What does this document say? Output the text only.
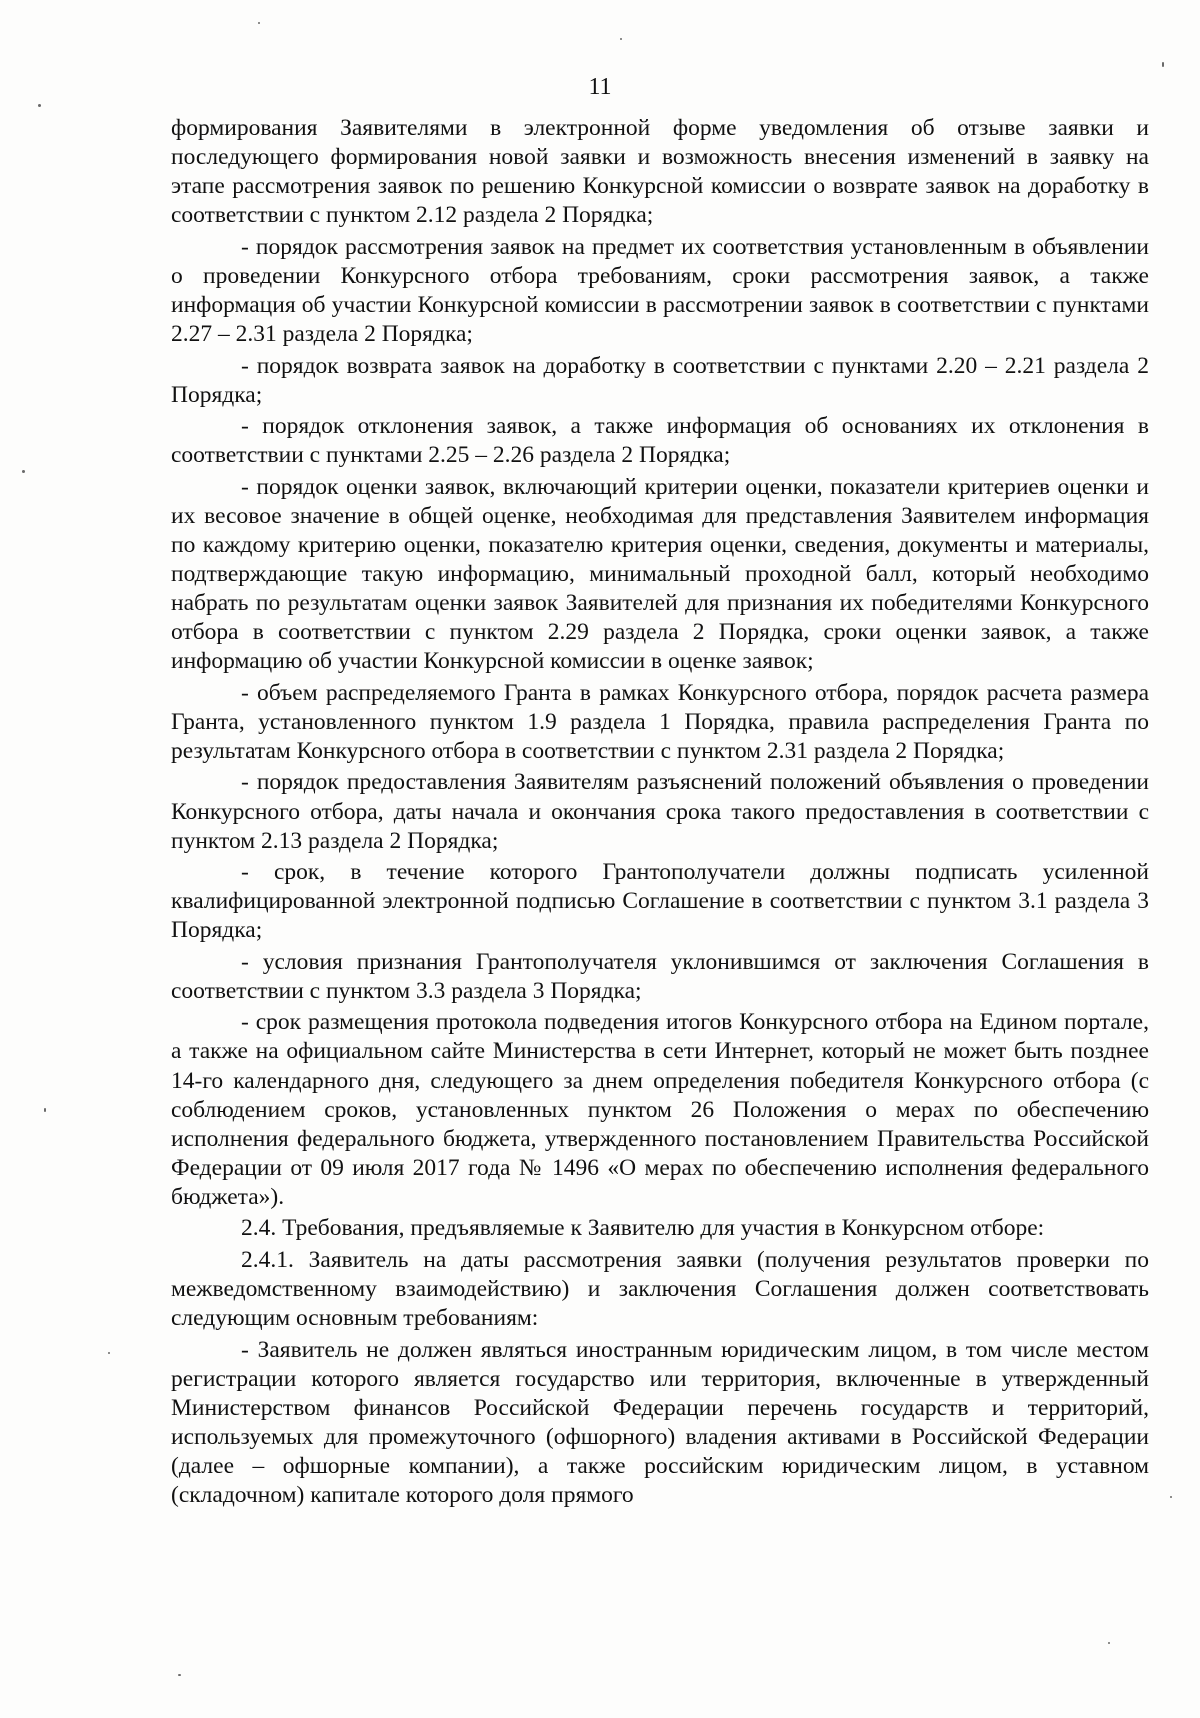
11

формирования Заявителями в электронной форме уведомления об отзыве заявки и последующего формирования новой заявки и возможность внесения изменений в заявку на этапе рассмотрения заявок по решению Конкурсной комиссии о возврате заявок на доработку в соответствии с пунктом 2.12 раздела 2 Порядка;

- порядок рассмотрения заявок на предмет их соответствия установленным в объявлении о проведении Конкурсного отбора требованиям, сроки рассмотрения заявок, а также информация об участии Конкурсной комиссии в рассмотрении заявок в соответствии с пунктами 2.27 – 2.31 раздела 2 Порядка;

- порядок возврата заявок на доработку в соответствии с пунктами 2.20 – 2.21 раздела 2 Порядка;

- порядок отклонения заявок, а также информация об основаниях их отклонения в соответствии с пунктами 2.25 – 2.26 раздела 2 Порядка;

- порядок оценки заявок, включающий критерии оценки, показатели критериев оценки и их весовое значение в общей оценке, необходимая для представления Заявителем информация по каждому критерию оценки, показателю критерия оценки, сведения, документы и материалы, подтверждающие такую информацию, минимальный проходной балл, который необходимо набрать по результатам оценки заявок Заявителей для признания их победителями Конкурсного отбора в соответствии с пунктом 2.29 раздела 2 Порядка, сроки оценки заявок, а также информацию об участии Конкурсной комиссии в оценке заявок;

- объем распределяемого Гранта в рамках Конкурсного отбора, порядок расчета размера Гранта, установленного пунктом 1.9 раздела 1 Порядка, правила распределения Гранта по результатам Конкурсного отбора в соответствии с пунктом 2.31 раздела 2 Порядка;

- порядок предоставления Заявителям разъяснений положений объявления о проведении Конкурсного отбора, даты начала и окончания срока такого предоставления в соответствии с пунктом 2.13 раздела 2 Порядка;

- срок, в течение которого Грантополучатели должны подписать усиленной квалифицированной электронной подписью Соглашение в соответствии с пунктом 3.1 раздела 3 Порядка;

- условия признания Грантополучателя уклонившимся от заключения Соглашения в соответствии с пунктом 3.3 раздела 3 Порядка;

- срок размещения протокола подведения итогов Конкурсного отбора на Едином портале, а также на официальном сайте Министерства в сети Интернет, который не может быть позднее 14-го календарного дня, следующего за днем определения победителя Конкурсного отбора (с соблюдением сроков, установленных пунктом 26 Положения о мерах по обеспечению исполнения федерального бюджета, утвержденного постановлением Правительства Российской Федерации от 09 июля 2017 года № 1496 «О мерах по обеспечению исполнения федерального бюджета»).

2.4. Требования, предъявляемые к Заявителю для участия в Конкурсном отборе:

2.4.1. Заявитель на даты рассмотрения заявки (получения результатов проверки по межведомственному взаимодействию) и заключения Соглашения должен соответствовать следующим основным требованиям:

- Заявитель не должен являться иностранным юридическим лицом, в том числе местом регистрации которого является государство или территория, включенные в утвержденный Министерством финансов Российской Федерации перечень государств и территорий, используемых для промежуточного (офшорного) владения активами в Российской Федерации (далее – офшорные компании), а также российским юридическим лицом, в уставном (складочном) капитале которого доля прямого
